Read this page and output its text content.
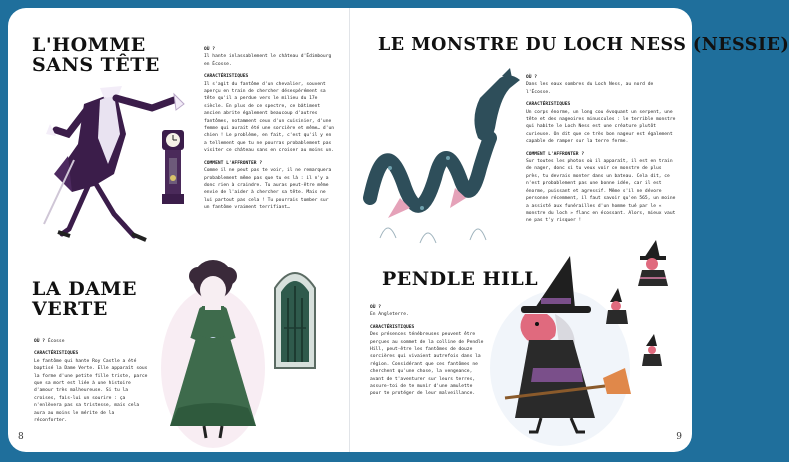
L'HOMME SANS TÊTE
OÙ ?
Il hante inlassablement le château d'Édimbourg en Écosse.
CARACTÉRISTIQUES
Il s'agit du fantôme d'un chevalier, souvent aperçu en train de chercher désespérément sa tête qu'il a perdue vers le milieu du 17e siècle. En plus de ce spectre, ce bâtiment ancien abrite également beaucoup d'autres fantômes, notamment ceux d'un cuisinier, d'une femme qui aurait été une sorcière et même… d'un chien ! Le problème, en fait, c'est qu'il y en a tellement que tu ne pourras probablement pas visiter ce château sans en croiser au moins un.
COMMENT L'AFFRONTER ?
Comme il ne peut pas te voir, il ne remarquera probablement même pas que tu es là : il n'y a donc rien à craindre. Tu auras peut-être même envie de l'aider à chercher sa tête. Mais ne lui partout pas cela ! Tu pourrais tomber sur un fantôme vraiment terrifiant…
LA DAME VERTE
OÙ ? Écosse
CARACTÉRISTIQUES
Le fantôme qui hante Roy Castle a été baptisé la Dame Verte. Elle apparaît sous la forme d'une petite fille triste, parce que sa mort est liée à une histoire d'amour très malheureuse. Si tu la croises, fais-lui un sourire : ça n'enlèvera pas sa tristesse, mais cela aura au moins le mérite de la réconforter.
8
LE MONSTRE DU LOCH NESS (NESSIE)
OÙ ?
Dans les eaux sombres du Loch Ness, au nord de l'Écosse.
CARACTÉRISTIQUES
Un corps énorme, un long cou évoquant un serpent, une tête et des nageoires minuscules : le terrible monstre qui habite le Loch Ness est une créature plutôt curieuse. On dit que ce très bon nageur est également capable de ramper sur la terre ferme.
COMMENT L'AFFRONTER ?
Sur toutes les photos où il apparaît, il est en train de nager, donc si tu veux voir ce monstre de plus près, tu devrais monter dans un bateau. Cela dit, ce n'est probablement pas une bonne idée, car il est énorme, puissant et agressif. Même s'il ne dévore personne récemment, il faut savoir qu'en 565, un moine a assisté aux funérailles d'un homme tué par le « monstre du loch » flanc en écossant. Alors, mieux vaut ne pas t'y risquer !
PENDLE HILL
OÙ ?
En Angleterre.
CARACTÉRISTIQUES
Des présences ténébreuses peuvent être perçues au sommet de la colline de Pendle Hill, peut-être les fantômes de douze sorcières qui vivaient autrefois dans la région. Considérant que ces fantômes ne cherchent qu'une chose, la vengeance, avant de t'aventurer sur leurs terres, assure-toi de te munir d'une amulette pour te protéger de leur malveillance.
9
